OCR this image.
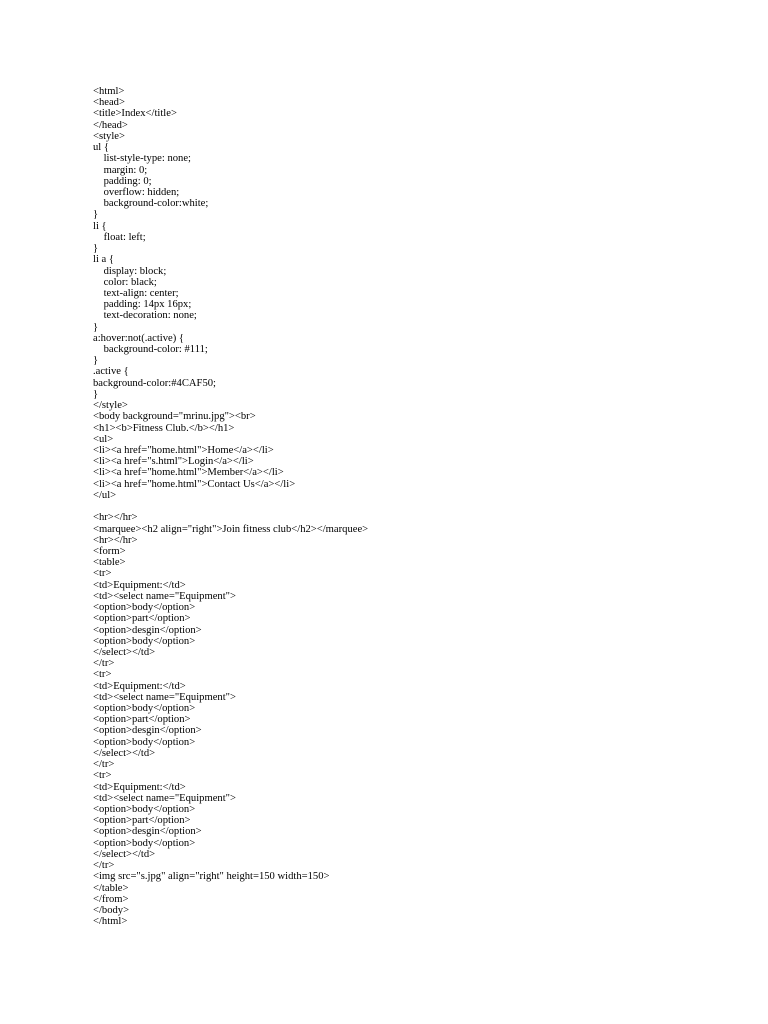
<html>
<head>
<title>Index</title>
</head>
<style>
ul {
list-style-type: none;
margin: 0;
padding: 0;
overflow: hidden;
background-color:white;
}
li {
float: left;
}
li a {
display: block;
color: black;
text-align: center;
padding: 14px 16px;
text-decoration: none;
}
a:hover:not(.active) {
background-color: #111;
}
.active {
background-color:#4CAF50;
}
</style>
<body background="mrinu.jpg"><br>
<h1><b>Fitness Club.</b></h1>
<ul>
<li><a href="home.html">Home</a></li>
<li><a href="s.html">Login</a></li>
<li><a href="home.html">Member</a></li>
<li><a href="home.html">Contact Us</a></li>
</ul>
<hr></hr>
<marquee><h2 align="right">Join fitness club</h2></marquee>
<hr></hr>
<form>
<table>
<tr>
<td>Equipment:</td>
<td><select name="Equipment">
<option>body</option>
<option>part</option>
<option>desgin</option>
<option>body</option>
</select></td>
</tr>
<tr>
<td>Equipment:</td>
<td><select name="Equipment">
<option>body</option>
<option>part</option>
<option>desgin</option>
<option>body</option>
</select></td>
</tr>
<tr>
<td>Equipment:</td>
<td><select name="Equipment">
<option>body</option>
<option>part</option>
<option>desgin</option>
<option>body</option>
</select></td>
</tr>
<img src="s.jpg" align="right" height=150 width=150>
</table>
</from>
</body>
</html>
